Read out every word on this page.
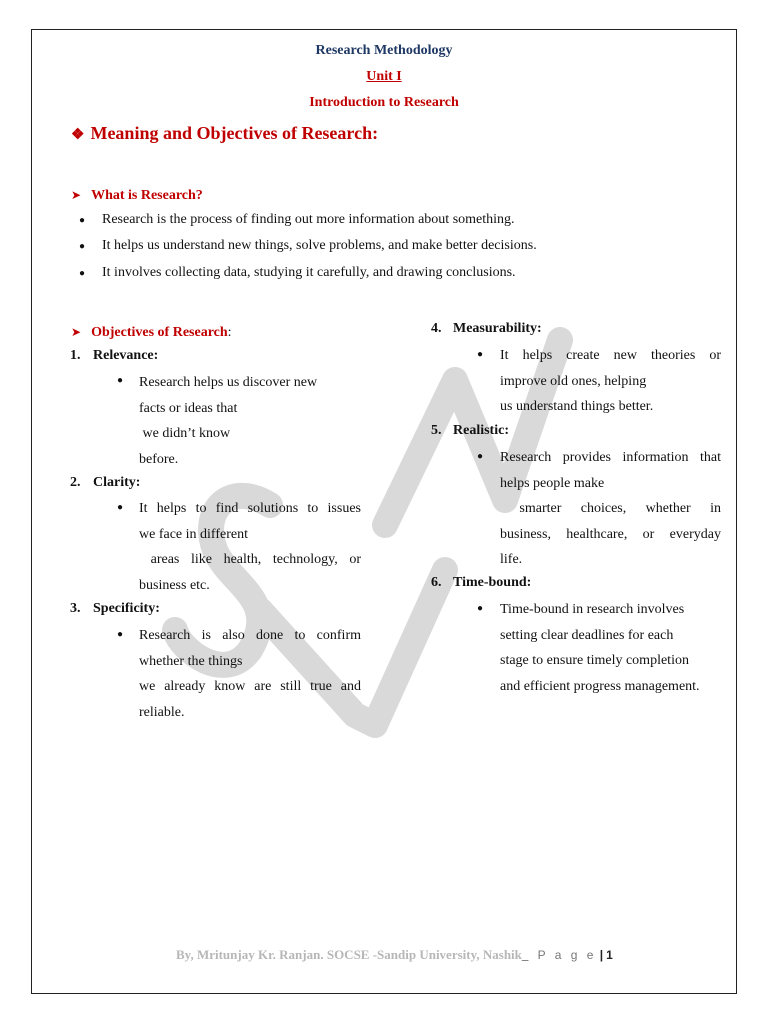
Research Methodology
Unit I
Introduction to Research
❖ Meaning and Objectives of Research:
➤ What is Research?
● Research is the process of finding out more information about something.
● It helps us understand new things, solve problems, and make better decisions.
● It involves collecting data, studying it carefully, and drawing conclusions.
➤ Objectives of Research:
1. Relevance:
● Research helps us discover new
facts or ideas that
we didn’t know
before.
2. Clarity:
● It helps to find solutions to issues
we face in different
areas like health, technology, or
business etc.
3. Specificity:
● Research is also done to confirm
whether the things
we already know are still true and
reliable.
4. Measurability:
● It helps create new theories or
improve old ones, helping
us understand things better.
5. Realistic:
● Research provides information that
helps people make
smarter choices, whether in
business, healthcare, or everyday
life.
6. Time-bound:
● Time-bound in research involves
setting clear deadlines for each
stage to ensure timely completion
and efficient progress management.
By, Mritunjay Kr. Ranjan. SOCSE -Sandip University, Nashik_ P a g e | 1
